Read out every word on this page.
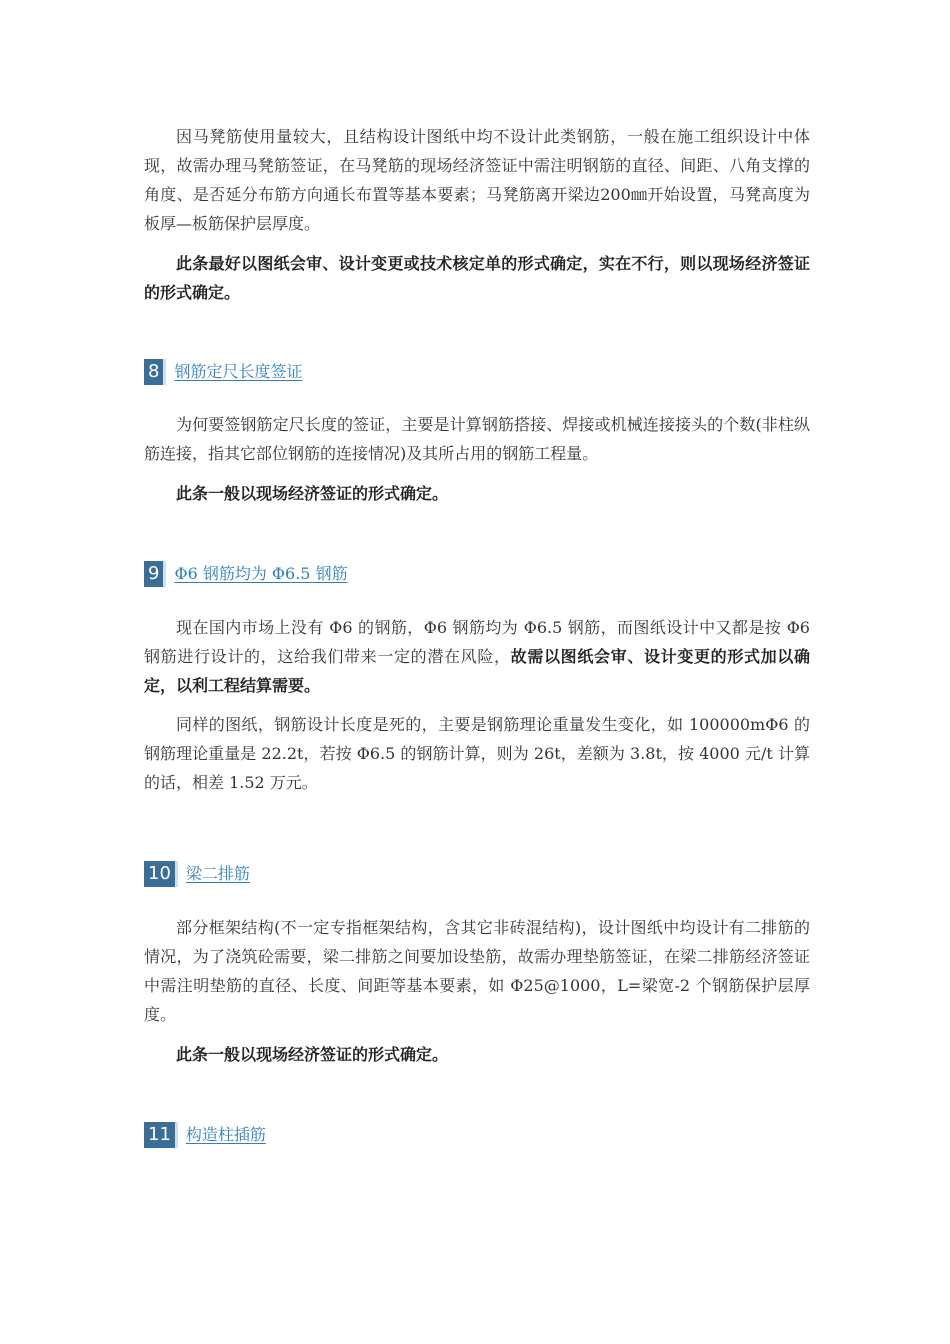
因马凳筋使用量较大，且结构设计图纸中均不设计此类钢筋，一般在施工组织设计中体现，故需办理马凳筋签证，在马凳筋的现场经济签证中需注明钢筋的直径、间距、八角支撑的角度、是否延分布筋方向通长布置等基本要素；马凳筋离开梁边200㎜开始设置，马凳高度为板厚—板筋保护层厚度。

此条最好以图纸会审、设计变更或技术核定单的形式确定，实在不行，则以现场经济签证的形式确定。

8 钢筋定尺长度签证

为何要签钢筋定尺长度的签证，主要是计算钢筋搭接、焊接或机械连接接头的个数(非柱纵筋连接，指其它部位钢筋的连接情况)及其所占用的钢筋工程量。

此条一般以现场经济签证的形式确定。

9 Φ6 钢筋均为 Φ6.5 钢筋

现在国内市场上没有 Φ6 的钢筋，Φ6 钢筋均为 Φ6.5 钢筋，而图纸设计中又都是按 Φ6 钢筋进行设计的，这给我们带来一定的潜在风险，故需以图纸会审、设计变更的形式加以确定，以利工程结算需要。

同样的图纸，钢筋设计长度是死的，主要是钢筋理论重量发生变化，如 100000mΦ6 的钢筋理论重量是 22.2t，若按 Φ6.5 的钢筋计算，则为 26t，差额为 3.8t，按 4000 元/t 计算的话，相差 1.52 万元。

10 梁二排筋

部分框架结构(不一定专指框架结构，含其它非砖混结构)，设计图纸中均设计有二排筋的情况，为了浇筑砼需要，梁二排筋之间要加设垫筋，故需办理垫筋签证，在梁二排筋经济签证中需注明垫筋的直径、长度、间距等基本要素，如 Φ25@1000，L=梁宽-2 个钢筋保护层厚度。

此条一般以现场经济签证的形式确定。

11 构造柱插筋
